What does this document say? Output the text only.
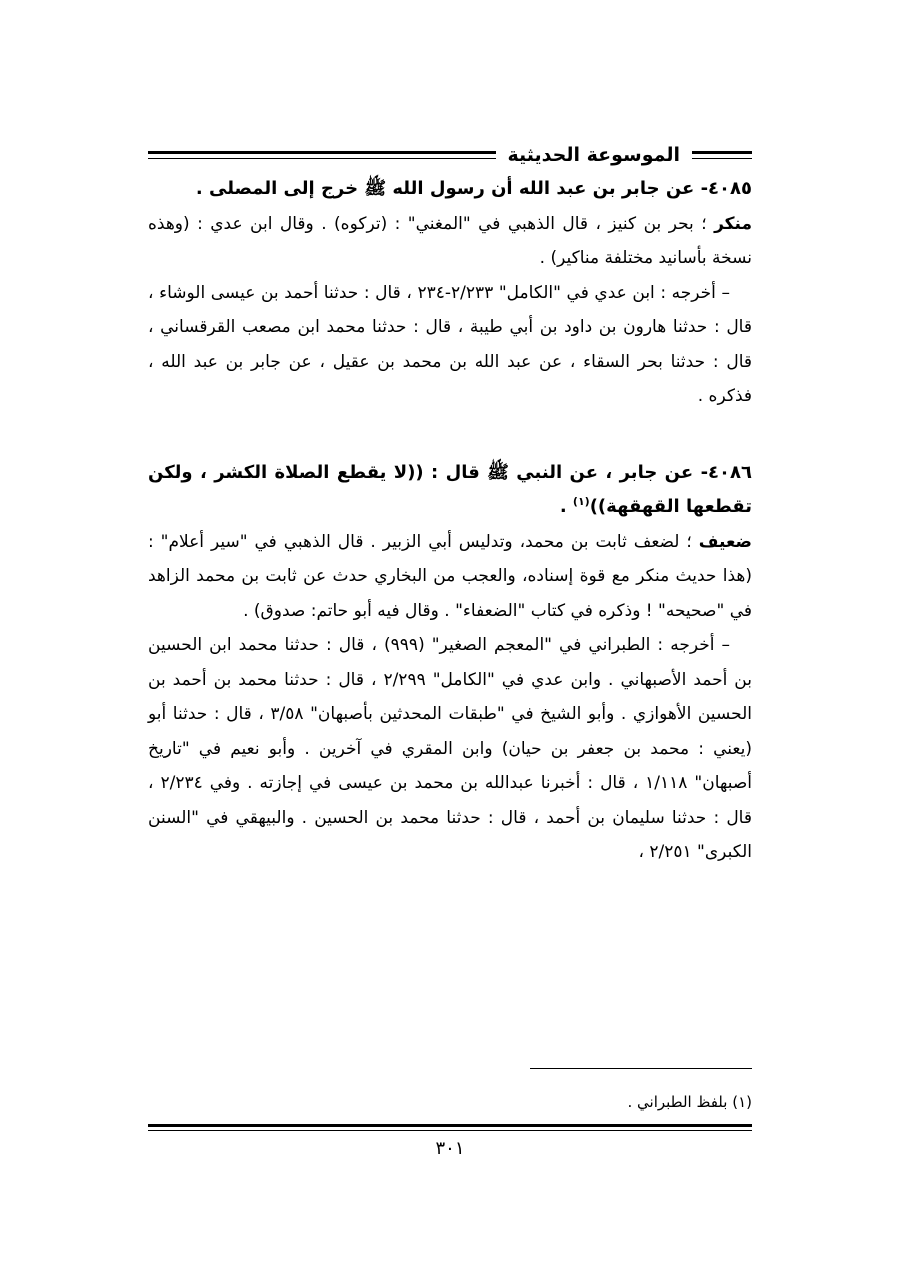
الموسوعة الحديثية

٤٠٨٥- عن جابر بن عبد الله أن رسول الله ﷺ خرج إلى المصلى .

منكر ؛ بحر بن كنيز ، قال الذهبي في "المغني" : (تركوه) . وقال ابن عدي : (وهذه نسخة بأسانيد مختلفة مناكير) .

– أخرجه : ابن عدي في "الكامل" ٢/٢٣٣-٢٣٤ ، قال : حدثنا أحمد بن عيسى الوشاء ، قال : حدثنا هارون بن داود بن أبي طيبة ، قال : حدثنا محمد ابن مصعب القرقساني ، قال : حدثنا بحر السقاء ، عن عبد الله بن محمد بن عقيل ، عن جابر بن عبد الله ، فذكره .

٤٠٨٦- عن جابر ، عن النبي ﷺ قال : ((لا يقطع الصلاة الكشر ، ولكن تقطعها القهقهة))$^{(١)}$ .

ضعيف ؛ لضعف ثابت بن محمد، وتدليس أبي الزبير . قال الذهبي في "سير أعلام" : (هذا حديث منكر مع قوة إسناده، والعجب من البخاري حدث عن ثابت بن محمد الزاهد في "صحيحه" ! وذكره في كتاب "الضعفاء" . وقال فيه أبو حاتم: صدوق) .

– أخرجه : الطبراني في "المعجم الصغير" (٩٩٩) ، قال : حدثنا محمد ابن الحسين بن أحمد الأصبهاني . وابن عدي في "الكامل" ٢/٢٩٩ ، قال : حدثنا محمد بن أحمد بن الحسين الأهوازي . وأبو الشيخ في "طبقات المحدثين بأصبهان" ٣/٥٨ ، قال : حدثنا أبو (يعني : محمد بن جعفر بن حيان) وابن المقري في آخرين . وأبو نعيم في "تاريخ أصبهان" ١/١١٨ ، قال : أخبرنا عبدالله بن محمد بن عيسى في إجازته . وفي ٢/٢٣٤ ، قال : حدثنا سليمان بن أحمد ، قال : حدثنا محمد بن الحسين . والبيهقي في "السنن الكبرى" ٢/٢٥١ ،

(١) بلفظ الطبراني .
٣٠١
